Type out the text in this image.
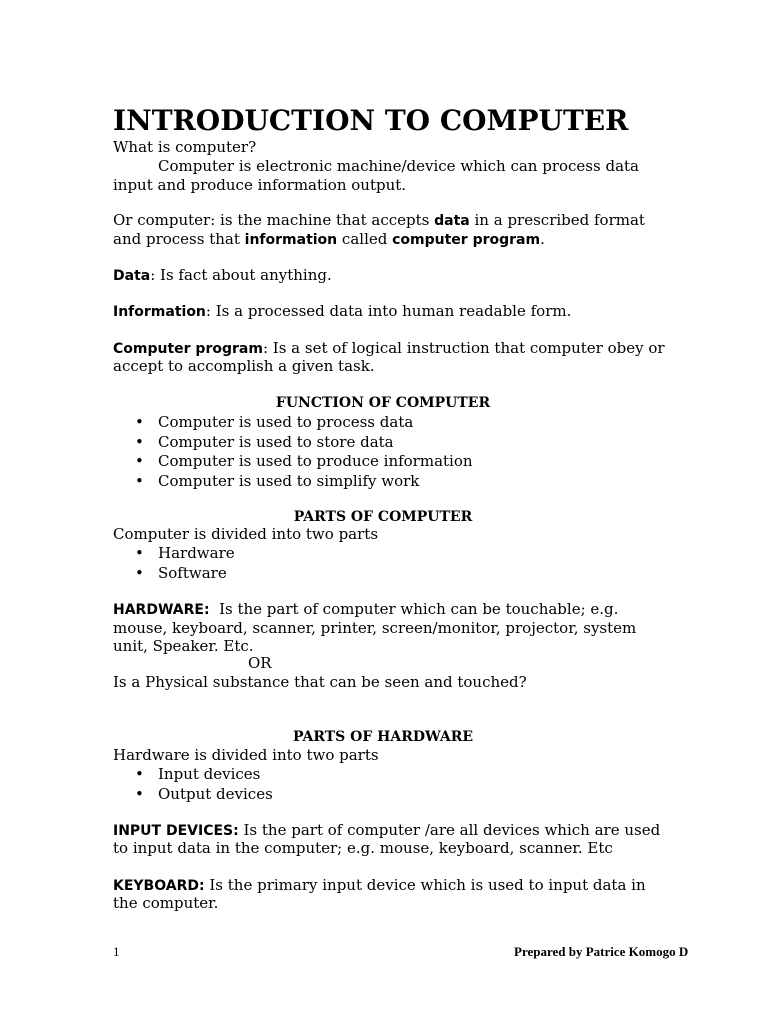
INTRODUCTION TO COMPUTER
What is computer?
Computer is electronic machine/device which can process data
input and produce information output.
Or computer: is the machine that accepts data in a prescribed format
and process that information called computer program.
Data: Is fact about anything.
Information: Is a processed data into human readable form.
Computer program: Is a set of logical instruction that computer obey or
accept to accomplish a given task.
FUNCTION OF COMPUTER
• Computer is used to process data
• Computer is used to store data
• Computer is used to produce information
• Computer is used to simplify work
PARTS OF COMPUTER
Computer is divided into two parts
• Hardware
• Software
HARDWARE:  Is the part of computer which can be touchable; e.g.
mouse, keyboard, scanner, printer, screen/monitor, projector, system
unit, Speaker. Etc.
OR
Is a Physical substance that can be seen and touched?
PARTS OF HARDWARE
Hardware is divided into two parts
• Input devices
• Output devices
INPUT DEVICES: Is the part of computer /are all devices which are used
to input data in the computer; e.g. mouse, keyboard, scanner. Etc
KEYBOARD: Is the primary input device which is used to input data in
the computer.
1	Prepared by Patrice Komogo D
